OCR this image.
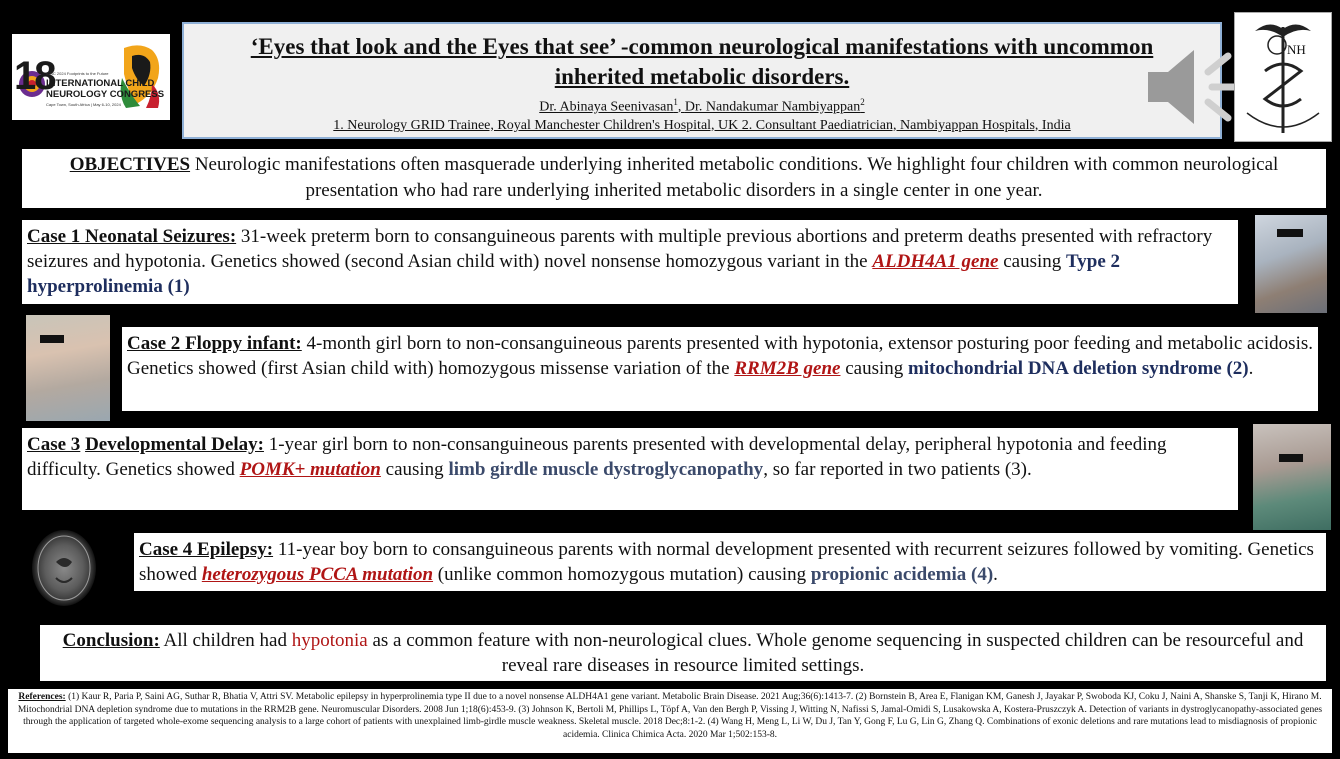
18
ICNC 2024 Footprints to the Future
INTERNATIONAL CHILD
NEUROLOGY CONGRESS
Cape Town, South Africa | May 6-10, 2024
‘Eyes that look and the Eyes that see’ -common neurological manifestations with uncommon inherited metabolic disorders.
Dr. Abinaya Seenivasan$^1$, Dr. Nandakumar Nambiyappan$^2$
1. Neurology GRID Trainee, Royal Manchester Children's Hospital, UK 2. Consultant Paediatrician, Nambiyappan Hospitals, India
NH
OBJECTIVES Neurologic manifestations often masquerade underlying inherited metabolic conditions. We highlight four children with common neurological presentation who had rare underlying inherited metabolic disorders in a single center in one year.
Case 1 Neonatal Seizures: 31-week preterm born to consanguineous parents with multiple previous abortions and preterm deaths presented with refractory seizures and hypotonia. Genetics showed (second Asian child with) novel nonsense homozygous variant in the ALDH4A1 gene causing Type 2 hyperprolinemia (1)
Case 2 Floppy infant: 4-month girl born to non-consanguineous parents presented with hypotonia, extensor posturing poor feeding and metabolic acidosis. Genetics showed (first Asian child with) homozygous missense variation of the RRM2B gene causing mitochondrial DNA deletion syndrome (2).
Case 3 Developmental Delay: 1-year girl born to non-consanguineous parents presented with developmental delay, peripheral hypotonia and feeding difficulty. Genetics showed POMK+ mutation causing limb girdle muscle dystroglycanopathy, so far reported in two patients (3).
Case 4 Epilepsy: 11-year boy born to consanguineous parents with normal development presented with recurrent seizures followed by vomiting. Genetics showed heterozygous PCCA mutation (unlike common homozygous mutation) causing propionic acidemia (4).
Conclusion: All children had hypotonia as a common feature with non-neurological clues. Whole genome sequencing in suspected children can be resourceful and reveal rare diseases in resource limited settings.
References: (1) Kaur R, Paria P, Saini AG, Suthar R, Bhatia V, Attri SV. Metabolic epilepsy in hyperprolinemia type II due to a novel nonsense ALDH4A1 gene variant. Metabolic Brain Disease. 2021 Aug;36(6):1413-7. (2) Bornstein B, Area E, Flanigan KM, Ganesh J, Jayakar P, Swoboda KJ, Coku J, Naini A, Shanske S, Tanji K, Hirano M. Mitochondrial DNA depletion syndrome due to mutations in the RRM2B gene. Neuromuscular Disorders. 2008 Jun 1;18(6):453-9. (3) Johnson K, Bertoli M, Phillips L, Töpf A, Van den Bergh P, Vissing J, Witting N, Nafissi S, Jamal-Omidi S, Lusakowska A, Kostera-Pruszczyk A. Detection of variants in dystroglycanopathy-associated genes through the application of targeted whole-exome sequencing analysis to a large cohort of patients with unexplained limb-girdle muscle weakness. Skeletal muscle. 2018 Dec;8:1-2. (4) Wang H, Meng L, Li W, Du J, Tan Y, Gong F, Lu G, Lin G, Zhang Q. Combinations of exonic deletions and rare mutations lead to misdiagnosis of propionic acidemia. Clinica Chimica Acta. 2020 Mar 1;502:153-8.
